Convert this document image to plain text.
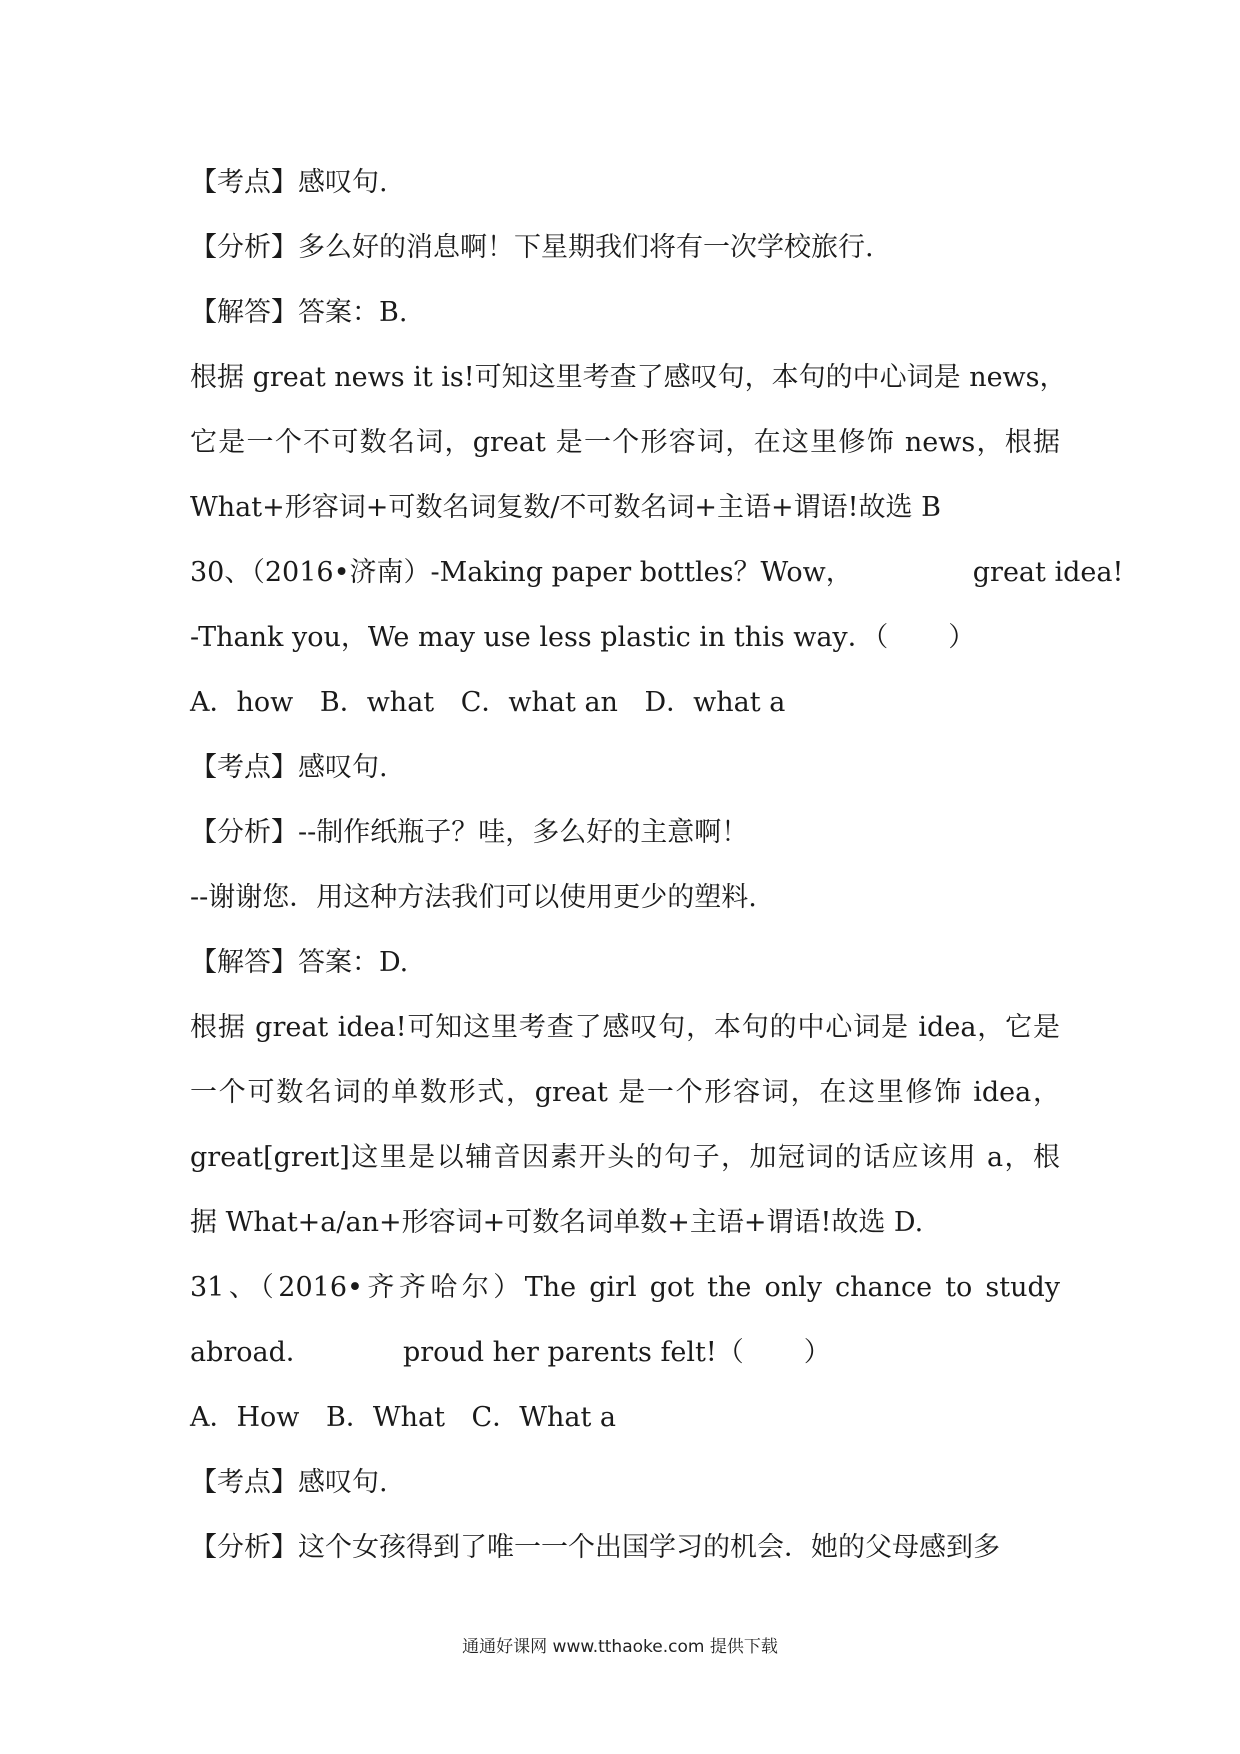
【考点】感叹句.
【分析】多么好的消息啊！下星期我们将有一次学校旅行.
【解答】答案：B.
根据 great news it is!可知这里考查了感叹句，本句的中心词是 news，
它是一个不可数名词，great 是一个形容词，在这里修饰 news，根据
What+形容词+可数名词复数/不可数名词+主语+谓语!故选 B
30、（2016•济南）-Making paper bottles？Wow，	great idea!
-Thank you，We may use less plastic in this way．（ ）
A．how B．what C．what an D．what a
【考点】感叹句.
【分析】--制作纸瓶子？哇，多么好的主意啊！
--谢谢您．用这种方法我们可以使用更少的塑料.
【解答】答案：D.
根据 great idea!可知这里考查了感叹句，本句的中心词是 idea，它是
一个可数名词的单数形式，great 是一个形容词，在这里修饰 idea，
great[greɪt]这里是以辅音因素开头的句子，加冠词的话应该用 a，根
据 What+a/an+形容词+可数名词单数+主语+谓语!故选 D.
31、（2016•齐齐哈尔）The girl got the only chance to study
abroad．	proud her parents felt!（ ）
A．How B．What C．What a
【考点】感叹句.
【分析】这个女孩得到了唯一一个出国学习的机会．她的父母感到多
通通好课网 www.tthaoke.com 提供下载
